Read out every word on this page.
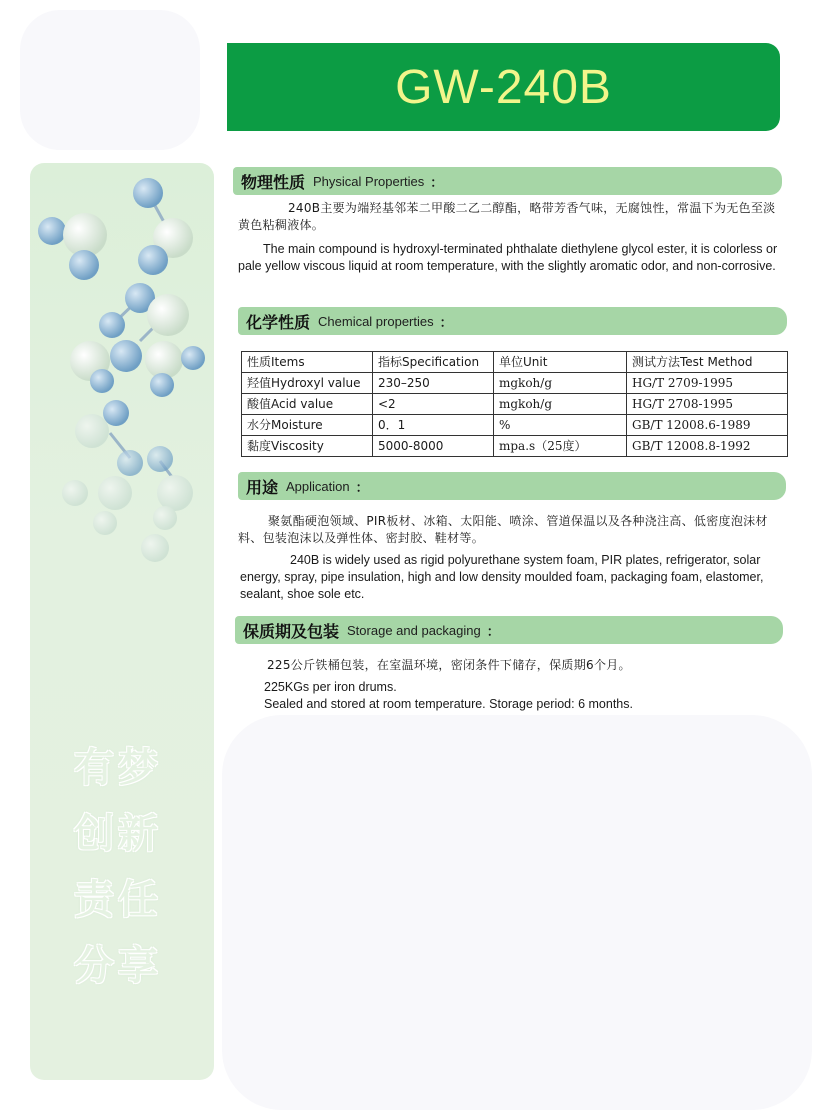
GW-240B
有梦
创新
责任
分享
物理性质 Physical Properties ：
240B主要为端羟基邻苯二甲酸二乙二醇酯，略带芳香气味，无腐蚀性，常温下为无色至淡黄色粘稠液体。
The main compound is hydroxyl-terminated phthalate diethylene glycol ester, it is colorless or pale yellow viscous liquid at room temperature, with the slightly aromatic odor, and non-corrosive.
化学性质 Chemical properties ：
性质Items	指标Specification	单位Unit	测试方法Test Method
羟值Hydroxyl value	230–250	mgkoh/g	HG/T 2709-1995
酸值Acid value	<2	mgkoh/g	HG/T 2708-1995
水分Moisture	0．1	%	GB/T 12008.6-1989
黏度Viscosity	5000-8000	mpa.s（25度）	GB/T 12008.8-1992
用途 Application ：
聚氨酯硬泡领域、PIR板材、冰箱、太阳能、喷涂、管道保温以及各种浇注高、低密度泡沫材料、包装泡沫以及弹性体、密封胶、鞋材等。
240B is widely used as rigid polyurethane system foam, PIR plates, refrigerator, solar energy, spray, pipe insulation, high and low density moulded foam, packaging foam, elastomer, sealant, shoe sole etc.
保质期及包装 Storage and packaging ：
225公斤铁桶包装，在室温环境，密闭条件下储存，保质期6个月。
225KGs per iron drums.
Sealed and stored at room temperature. Storage period: 6 months.
